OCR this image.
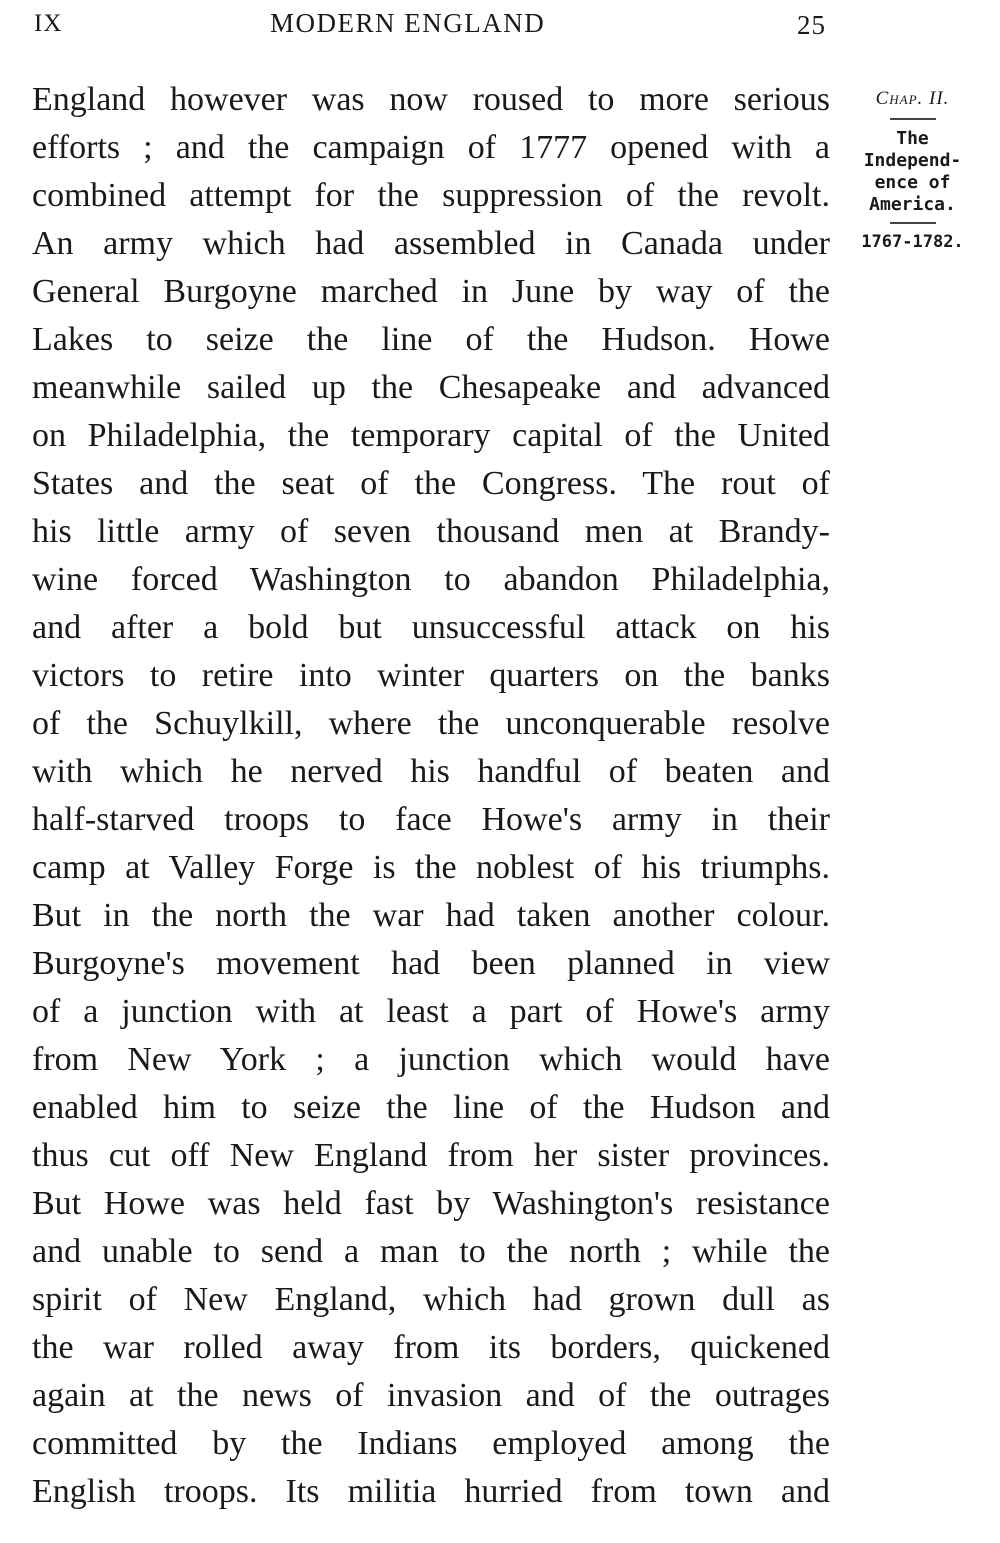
IX	MODERN ENGLAND	25
England however was now roused to more serious
efforts ; and the campaign of 1777 opened with a
combined attempt for the suppression of the revolt.
An army which had assembled in Canada under
General Burgoyne marched in June by way of the
Lakes to seize the line of the Hudson. Howe
meanwhile sailed up the Chesapeake and advanced
on Philadelphia, the temporary capital of the United
States and the seat of the Congress. The rout of
his little army of seven thousand men at Brandy-
wine forced Washington to abandon Philadelphia,
and after a bold but unsuccessful attack on his
victors to retire into winter quarters on the banks
of the Schuylkill, where the unconquerable resolve
with which he nerved his handful of beaten and
half-starved troops to face Howe's army in their
camp at Valley Forge is the noblest of his triumphs.
But in the north the war had taken another colour.
Burgoyne's movement had been planned in view
of a junction with at least a part of Howe's army
from New York ; a junction which would have
enabled him to seize the line of the Hudson and
thus cut off New England from her sister provinces.
But Howe was held fast by Washington's resistance
and unable to send a man to the north ; while the
spirit of New England, which had grown dull as
the war rolled away from its borders, quickened
again at the news of invasion and of the outrages
committed by the Indians employed among the
English troops. Its militia hurried from town and
Chap. II.
The
Independ-
ence of
America.
1767-1782.
